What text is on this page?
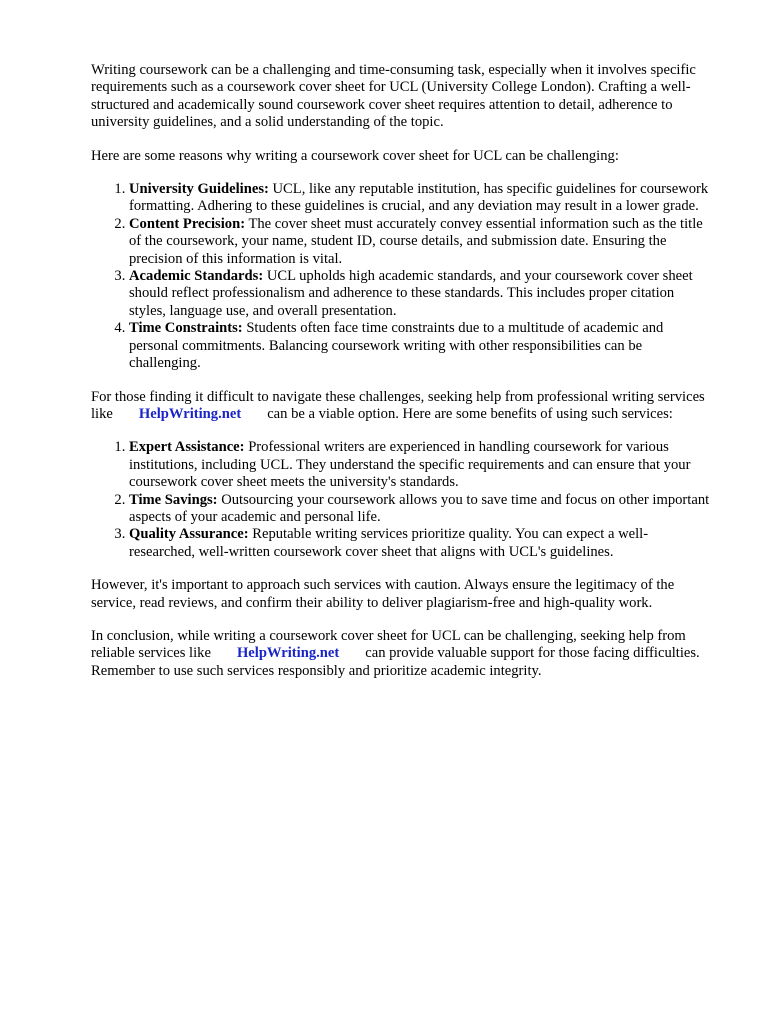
Writing coursework can be a challenging and time-consuming task, especially when it involves specific requirements such as a coursework cover sheet for UCL (University College London). Crafting a well-structured and academically sound coursework cover sheet requires attention to detail, adherence to university guidelines, and a solid understanding of the topic.

Here are some reasons why writing a coursework cover sheet for UCL can be challenging:

1. University Guidelines: UCL, like any reputable institution, has specific guidelines for coursework formatting. Adhering to these guidelines is crucial, and any deviation may result in a lower grade.
2. Content Precision: The cover sheet must accurately convey essential information such as the title of the coursework, your name, student ID, course details, and submission date. Ensuring the precision of this information is vital.
3. Academic Standards: UCL upholds high academic standards, and your coursework cover sheet should reflect professionalism and adherence to these standards. This includes proper citation styles, language use, and overall presentation.
4. Time Constraints: Students often face time constraints due to a multitude of academic and personal commitments. Balancing coursework writing with other responsibilities can be challenging.

For those finding it difficult to navigate these challenges, seeking help from professional writing services like HelpWriting.net can be a viable option. Here are some benefits of using such services:

1. Expert Assistance: Professional writers are experienced in handling coursework for various institutions, including UCL. They understand the specific requirements and can ensure that your coursework cover sheet meets the university's standards.
2. Time Savings: Outsourcing your coursework allows you to save time and focus on other important aspects of your academic and personal life.
3. Quality Assurance: Reputable writing services prioritize quality. You can expect a well-researched, well-written coursework cover sheet that aligns with UCL's guidelines.

However, it's important to approach such services with caution. Always ensure the legitimacy of the service, read reviews, and confirm their ability to deliver plagiarism-free and high-quality work.

In conclusion, while writing a coursework cover sheet for UCL can be challenging, seeking help from reliable services like HelpWriting.net can provide valuable support for those facing difficulties. Remember to use such services responsibly and prioritize academic integrity.
